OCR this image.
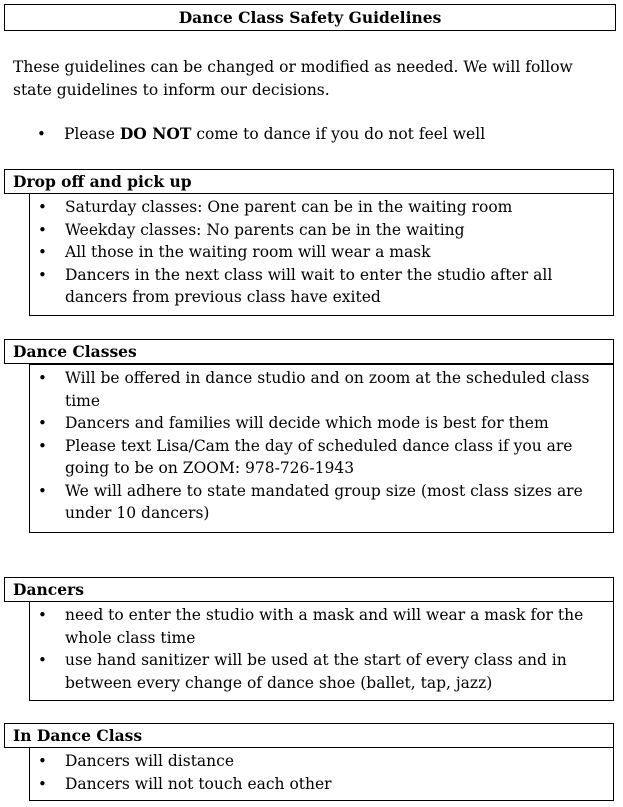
Dance Class Safety Guidelines
These guidelines can be changed or modified as needed. We will follow state guidelines to inform our decisions.
• Please DO NOT come to dance if you do not feel well
Drop off and pick up
• Saturday classes: One parent can be in the waiting room
• Weekday classes: No parents can be in the waiting
• All those in the waiting room will wear a mask
• Dancers in the next class will wait to enter the studio after all dancers from previous class have exited
Dance Classes
• Will be offered in dance studio and on zoom at the scheduled class time
• Dancers and families will decide which mode is best for them
• Please text Lisa/Cam the day of scheduled dance class if you are going to be on ZOOM: 978-726-1943
• We will adhere to state mandated group size (most class sizes are under 10 dancers)
Dancers
• need to enter the studio with a mask and will wear a mask for the whole class time
• use hand sanitizer will be used at the start of every class and in between every change of dance shoe (ballet, tap, jazz)
In Dance Class
• Dancers will distance
• Dancers will not touch each other
